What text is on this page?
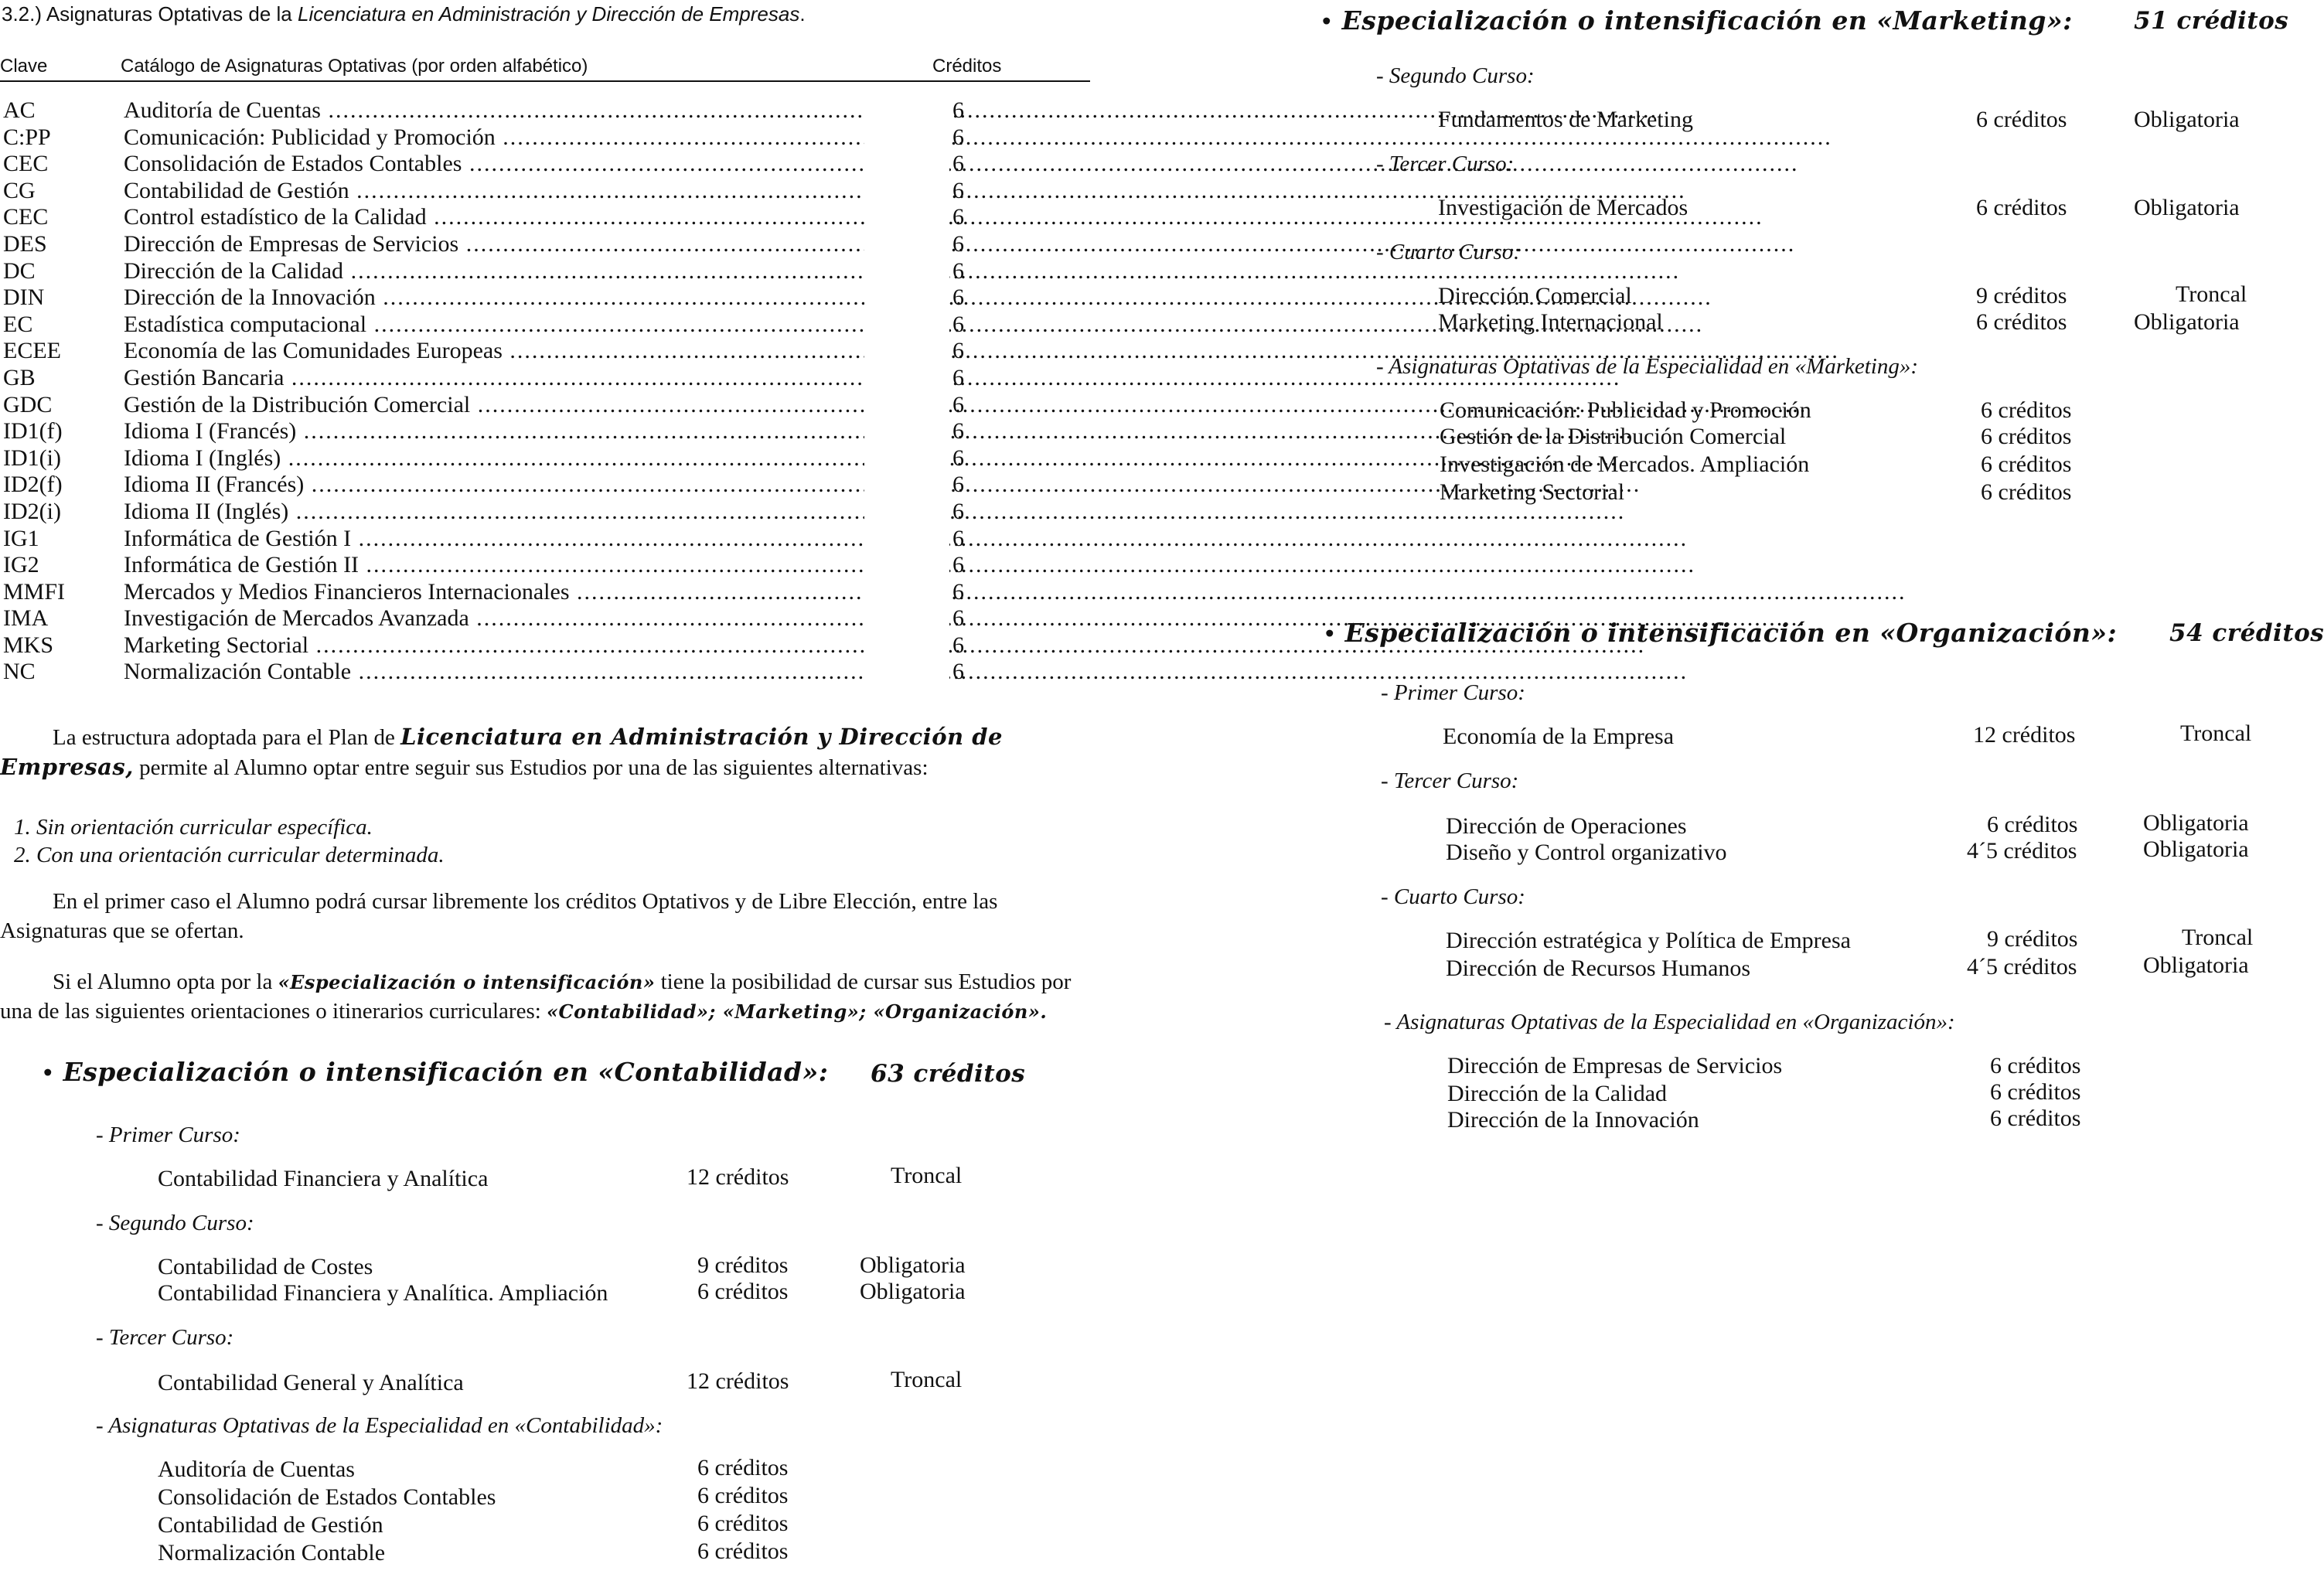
3.2.) Asignaturas Optativas de la Licenciatura en Administración y Dirección de Empresas.
Clave	Catálogo de Asignaturas Optativas (por orden alfabético)	Créditos
AC	Auditoría de Cuentas .....	6
C:PP	Comunicación: Publicidad y Promoción .....	6
CEC	Consolidación de Estados Contables .....	6
CG	Contabilidad de Gestión .....	6
CEC	Control estadístico de la Calidad .....	6
DES	Dirección de Empresas de Servicios .....	6
DC	Dirección de la Calidad .....	6
DIN	Dirección de la Innovación .....	6
EC	Estadística computacional .....	6
ECEE	Economía de las Comunidades Europeas .....	6
GB	Gestión Bancaria .....	6
GDC	Gestión de la Distribución Comercial .....	6
ID1(f)	Idioma I (Francés) .....	6
ID1(i)	Idioma I (Inglés) .....	6
ID2(f)	Idioma II (Francés) .....	6
ID2(i)	Idioma II (Inglés) .....	6
IG1	Informática de Gestión I .....	6
IG2	Informática de Gestión II .....	6
MMFI	Mercados y Medios Financieros Internacionales .....	6
IMA	Investigación de Mercados Avanzada .....	6
MKS	Marketing Sectorial .....	6
NC	Normalización Contable .....	6
La estructura adoptada para el Plan de Licenciatura en Administración y Dirección de Empresas, permite al Alumno optar entre seguir sus Estudios por una de las siguientes alternativas:
1. Sin orientación curricular específica.
2. Con una orientación curricular determinada.
En el primer caso el Alumno podrá cursar libremente los créditos Optativos y de Libre Elección, entre las Asignaturas que se ofertan.
Si el Alumno opta por la «Especialización o intensificación» tiene la posibilidad de cursar sus Estudios por una de las siguientes orientaciones o itinerarios curriculares: «Contabilidad»; «Marketing»; «Organización».
• Especialización o intensificación en «Contabilidad»: 63 créditos
- Primer Curso:
Contabilidad Financiera y Analítica	12 créditos	Troncal
- Segundo Curso:
Contabilidad de Costes	9 créditos	Obligatoria
Contabilidad Financiera y Analítica. Ampliación	6 créditos	Obligatoria
- Tercer Curso:
Contabilidad General y Analítica	12 créditos	Troncal
- Asignaturas Optativas de la Especialidad en «Contabilidad»:
Auditoría de Cuentas	6 créditos
Consolidación de Estados Contables	6 créditos
Contabilidad de Gestión	6 créditos
Normalización Contable	6 créditos
• Especialización o intensificación en «Marketing»:	51 créditos
- Segundo Curso:
Fundamentos de Marketing	6 créditos	Obligatoria
- Tercer Curso:
Investigación de Mercados	6 créditos	Obligatoria
- Cuarto Curso:
Dirección Comercial	9 créditos	Troncal
Marketing Internacional	6 créditos	Obligatoria
- Asignaturas Optativas de la Especialidad en «Marketing»:
Comunicación: Publicidad y Promoción	6 créditos
Gestión de la Distribución Comercial	6 créditos
Investigación de Mercados. Ampliación	6 créditos
Marketing Sectorial	6 créditos
• Especialización o intensificación en «Organización»: 54 créditos
- Primer Curso:
Economía de la Empresa	12 créditos	Troncal
- Tercer Curso:
Dirección de Operaciones	6 créditos	Obligatoria
Diseño y Control organizativo	4´5 créditos	Obligatoria
- Cuarto Curso:
Dirección estratégica y Política de Empresa	9 créditos	Troncal
Dirección de Recursos Humanos	4´5 créditos	Obligatoria
- Asignaturas Optativas de la Especialidad en «Organización»:
Dirección de Empresas de Servicios	6 créditos
Dirección de la Calidad	6 créditos
Dirección de la Innovación	6 créditos
